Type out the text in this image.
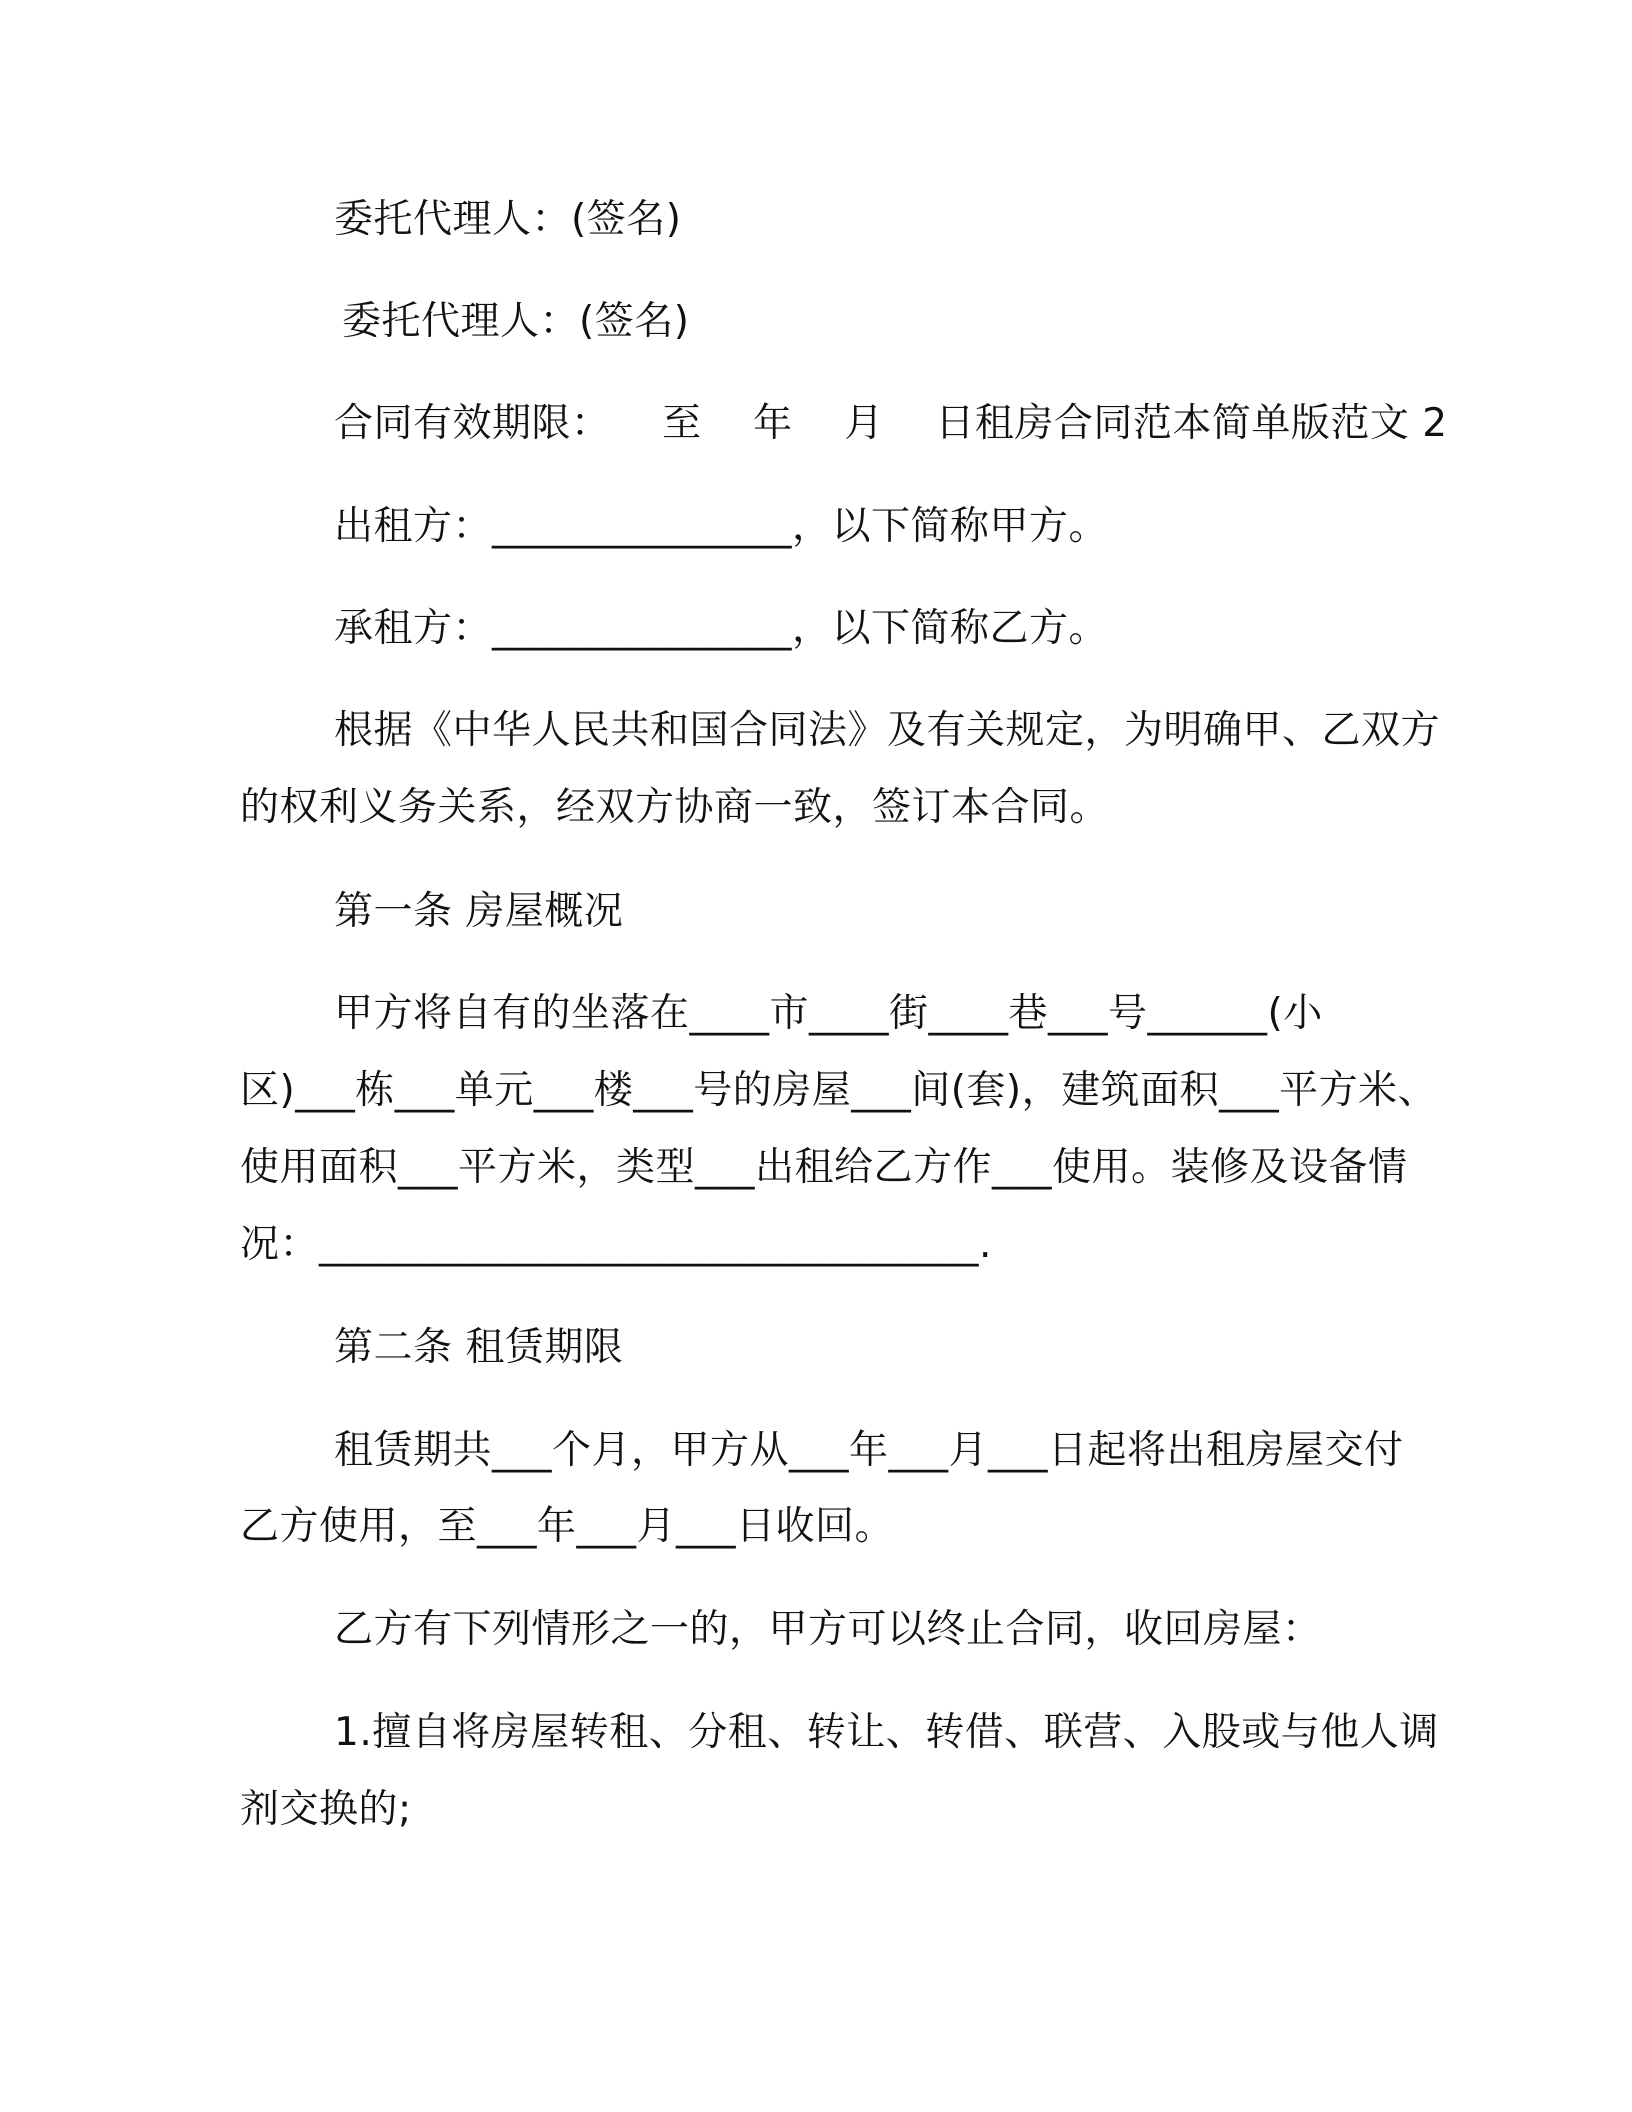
委托代理人：(签名)
委托代理人：(签名)
合同有效期限：    至    年    月    日租房合同范本简单版范文 2
出租方：_______________，以下简称甲方。
承租方：_______________，以下简称乙方。
根据《中华人民共和国合同法》及有关规定，为明确甲、乙双方
的权利义务关系，经双方协商一致，签订本合同。
第一条 房屋概况
甲方将自有的坐落在____市____街____巷___号______(小
区)___栋___单元___楼___号的房屋___间(套)，建筑面积___平方米、
使用面积___平方米，类型___出租给乙方作___使用。装修及设备情
况：_________________________________.
第二条 租赁期限
租赁期共___个月，甲方从___年___月___日起将出租房屋交付
乙方使用，至___年___月___日收回。
乙方有下列情形之一的，甲方可以终止合同，收回房屋：
1.擅自将房屋转租、分租、转让、转借、联营、入股或与他人调
剂交换的;
